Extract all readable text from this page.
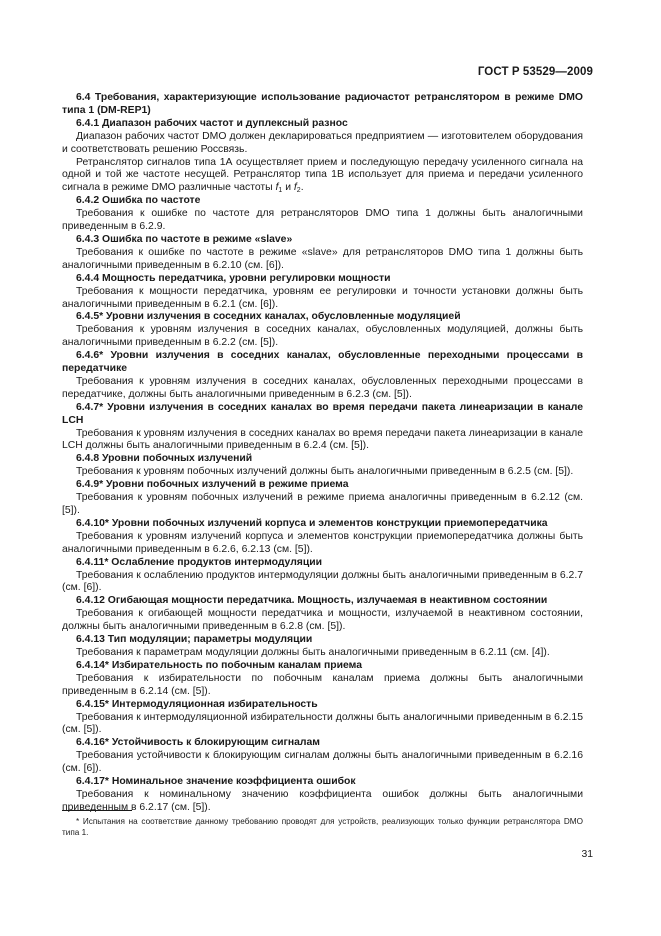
ГОСТ Р 53529—2009

6.4 Требования, характеризующие использование радиочастот ретранслятором в режиме DMO типа 1 (DM-REP1)

6.4.1 Диапазон рабочих частот и дуплексный разнос

Диапазон рабочих частот DMO должен декларироваться предприятием — изготовителем оборудования и соответствовать решению Россвязь.

Ретранслятор сигналов типа 1А осуществляет прием и последующую передачу усиленного сигнала на одной и той же частоте несущей. Ретранслятор типа 1В использует для приема и передачи усиленного сигнала в режиме DMO различные частоты $f_1$ и $f_2$.

6.4.2 Ошибка по частоте

Требования к ошибке по частоте для ретрансляторов DMO типа 1 должны быть аналогичными приведенным в 6.2.9.

6.4.3 Ошибка по частоте в режиме «slave»

Требования к ошибке по частоте в режиме «slave» для ретрансляторов DMO типа 1 должны быть аналогичными приведенным в 6.2.10 (см. [6]).

6.4.4 Мощность передатчика, уровни регулировки мощности

Требования к мощности передатчика, уровням ее регулировки и точности установки должны быть аналогичными приведенным в 6.2.1 (см. [6]).

6.4.5* Уровни излучения в соседних каналах, обусловленные модуляцией

Требования к уровням излучения в соседних каналах, обусловленных модуляцией, должны быть аналогичными приведенным в 6.2.2 (см. [5]).

6.4.6* Уровни излучения в соседних каналах, обусловленные переходными процессами в передатчике

Требования к уровням излучения в соседних каналах, обусловленных переходными процессами в передатчике, должны быть аналогичными приведенным в 6.2.3 (см. [5]).

6.4.7* Уровни излучения в соседних каналах во время передачи пакета линеаризации в канале LCH

Требования к уровням излучения в соседних каналах во время передачи пакета линеаризации в канале LCH должны быть аналогичными приведенным в 6.2.4 (см. [5]).

6.4.8 Уровни побочных излучений

Требования к уровням побочных излучений должны быть аналогичными приведенным в 6.2.5 (см. [5]).

6.4.9* Уровни побочных излучений в режиме приема

Требования к уровням побочных излучений в режиме приема аналогичны приведенным в 6.2.12 (см. [5]).

6.4.10* Уровни побочных излучений корпуса и элементов конструкции приемопередатчика

Требования к уровням излучений корпуса и элементов конструкции приемопередатчика должны быть аналогичными приведенным в 6.2.6, 6.2.13 (см. [5]).

6.4.11* Ослабление продуктов интермодуляции

Требования к ослаблению продуктов интермодуляции должны быть аналогичными приведенным в 6.2.7 (см. [6]).

6.4.12 Огибающая мощности передатчика. Мощность, излучаемая в неактивном состоянии

Требования к огибающей мощности передатчика и мощности, излучаемой в неактивном состоянии, должны быть аналогичными приведенным в 6.2.8 (см. [5]).

6.4.13 Тип модуляции; параметры модуляции

Требования к параметрам модуляции должны быть аналогичными приведенным в 6.2.11 (см. [4]).

6.4.14* Избирательность по побочным каналам приема

Требования к избирательности по побочным каналам приема должны быть аналогичными приведенным в 6.2.14 (см. [5]).

6.4.15* Интермодуляционная избирательность

Требования к интермодуляционной избирательности должны быть аналогичными приведенным в 6.2.15 (см. [5]).

6.4.16* Устойчивость к блокирующим сигналам

Требования устойчивости к блокирующим сигналам должны быть аналогичными приведенным в 6.2.16 (см. [6]).

6.4.17* Номинальное значение коэффициента ошибок

Требования к номинальному значению коэффициента ошибок должны быть аналогичными приведенным в 6.2.17 (см. [5]).

* Испытания на соответствие данному требованию проводят для устройств, реализующих только функции ретранслятора DMO типа 1.

31
